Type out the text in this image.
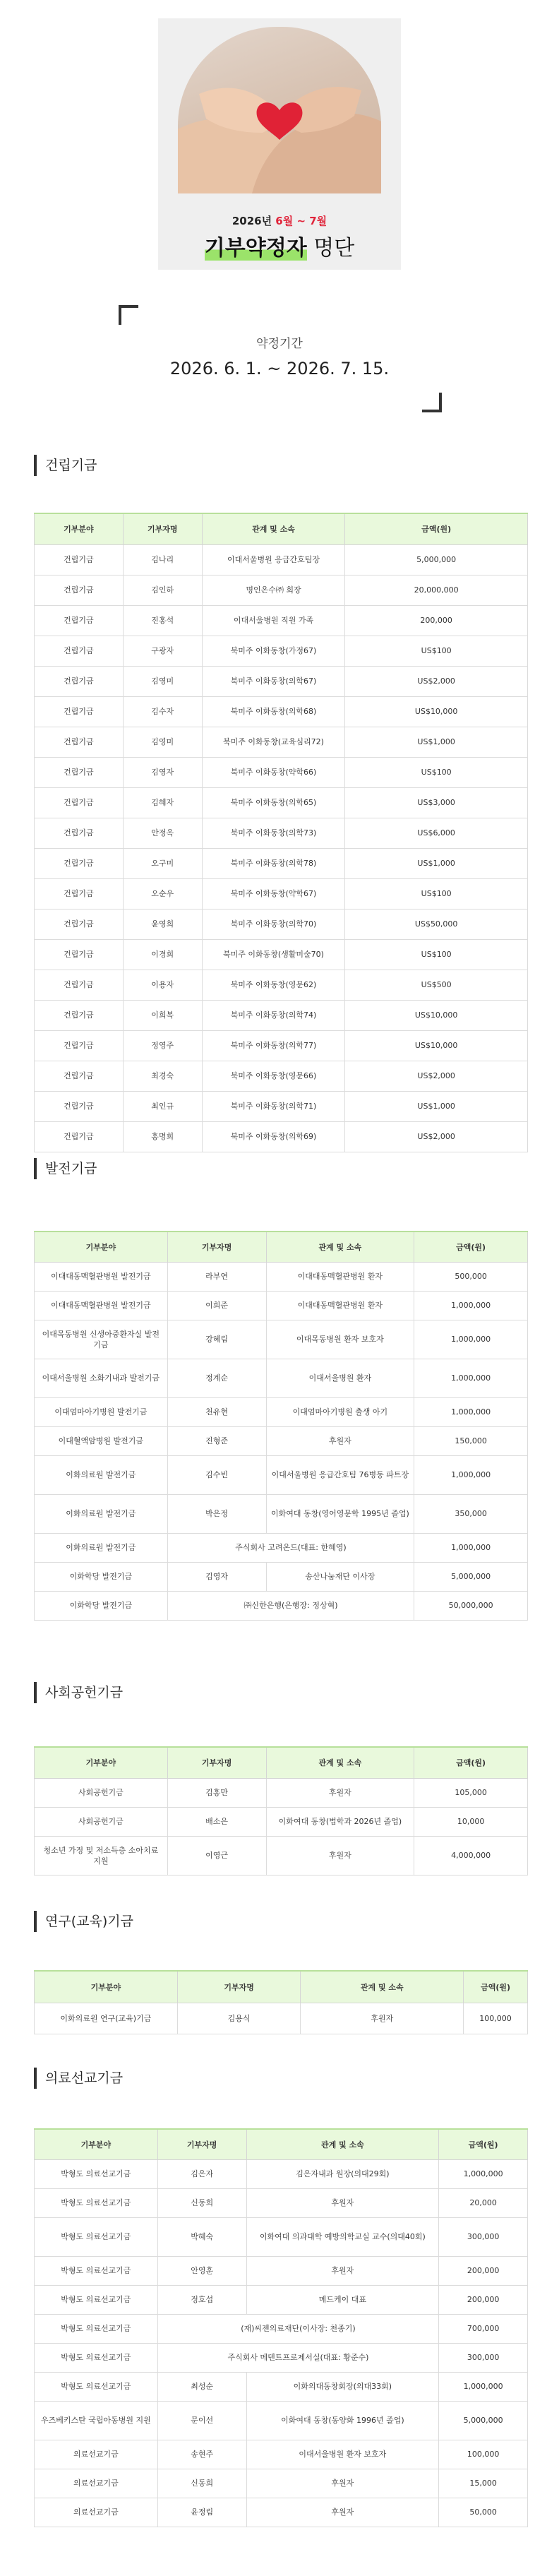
2026년 6월 ~ 7월
기부약정자 명단
약정기간
2026. 6. 1. ~ 2026. 7. 15.
건립기금
기부분야	기부자명	관계 및 소속	금액(원)
건립기금	김나리	이대서울병원 응급간호팀장	5,000,000
건립기금	김인하	명인온수㈜ 회장	20,000,000
건립기금	진홍석	이대서울병원 직원 가족	200,000
건립기금	구광자	북미주 이화동창(가정67)	US$100
건립기금	김영미	북미주 이화동창(의학67)	US$2,000
건립기금	김수자	북미주 이화동창(의학68)	US$10,000
건립기금	김영미	북미주 이화동창(교육심리72)	US$1,000
건립기금	김영자	북미주 이화동창(약학66)	US$100
건립기금	김혜자	북미주 이화동창(의학65)	US$3,000
건립기금	안정옥	북미주 이화동창(의학73)	US$6,000
건립기금	오구미	북미주 이화동창(의학78)	US$1,000
건립기금	오순우	북미주 이화동창(약학67)	US$100
건립기금	윤영희	북미주 이화동창(의학70)	US$50,000
건립기금	이경희	북미주 이화동창(생활미술70)	US$100
건립기금	이용자	북미주 이화동창(영문62)	US$500
건립기금	이희복	북미주 이화동창(의학74)	US$10,000
건립기금	정영주	북미주 이화동창(의학77)	US$10,000
건립기금	최경숙	북미주 이화동창(영문66)	US$2,000
건립기금	최인규	북미주 이화동창(의학71)	US$1,000
건립기금	홍명희	북미주 이화동창(의학69)	US$2,000
발전기금
기부분야	기부자명	관계 및 소속	금액(원)
이대대동맥혈관병원 발전기금	라부연	이대대동맥혈관병원 환자	500,000
이대대동맥혈관병원 발전기금	이희준	이대대동맥혈관병원 환자	1,000,000
이대목동병원 신생아중환자실 발전기금	강혜림	이대목동병원 환자 보호자	1,000,000
이대서울병원 소화기내과 발전기금	정계순	이대서울병원 환자	1,000,000
이대엄마아기병원 발전기금	천유현	이대엄마아기병원 출생 아기	1,000,000
이대혈액암병원 발전기금	진형준	후원자	150,000
이화의료원 발전기금	김수빈	이대서울병원 응급간호팀 76병동 파트장	1,000,000
이화의료원 발전기금	박은정	이화여대 동창(영어영문학 1995년 졸업)	350,000
이화의료원 발전기금	주식회사 고려온드(대표: 한혜영)		1,000,000
이화학당 발전기금	김영자	송산나눔재단 이사장	5,000,000
이화학당 발전기금	㈜신한은행(은행장: 정상혁)		50,000,000
사회공헌기금
기부분야	기부자명	관계 및 소속	금액(원)
사회공헌기금	김홍만	후원자	105,000
사회공헌기금	배소은	이화여대 동창(법학과 2026년 졸업)	10,000
청소년 가정 및 저소득층 소아치료 지원	이영근	후원자	4,000,000
연구(교육)기금
기부분야	기부자명	관계 및 소속	금액(원)
이화의료원 연구(교육)기금	김용식	후원자	100,000
의료선교기금
기부분야	기부자명	관계 및 소속	금액(원)
박형도 의료선교기금	김은자	김은자내과 원장(의대29회)	1,000,000
박형도 의료선교기금	신동희	후원자	20,000
박형도 의료선교기금	박혜숙	이화여대 의과대학 예방의학교실 교수(의대40회)	300,000
박형도 의료선교기금	안영훈	후원자	200,000
박형도 의료선교기금	정호섭	메드케이 대표	200,000
박형도 의료선교기금	(재)씨젠의료재단(이사장: 천종기)		700,000
박형도 의료선교기금	주식회사 메덴트프로제서실(대표: 황준수)		300,000
박형도 의료선교기금	최성순	이화의대동창회장(의대33회)	1,000,000
우즈베키스탄 국립아동병원 지원	문이선	이화여대 동창(동양화 1996년 졸업)	5,000,000
의료선교기금	송현주	이대서울병원 환자 보호자	100,000
의료선교기금	신동희	후원자	15,000
의료선교기금	윤정림	후원자	50,000
